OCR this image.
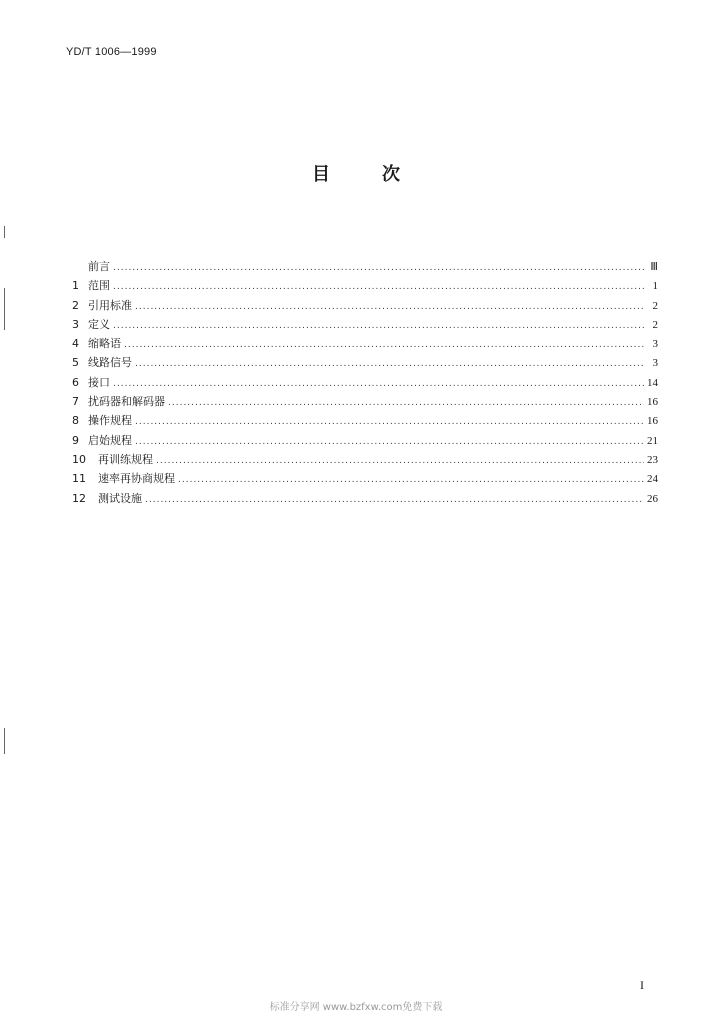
YD/T 1006—1999
目	次
前言 .....	Ⅲ
1 范围 .....	1
2 引用标准 .....	2
3 定义 .....	2
4 缩略语 .....	3
5 线路信号 .....	3
6 接口 .....	14
7 扰码器和解码器 .....	16
8 操作规程 .....	16
9 启始规程 .....	21
10	再训练规程 .....	23
11	速率再协商规程 .....	24
12	测试设施 .....	26
I
标准分享网 www.bzfxw.com免费下载
